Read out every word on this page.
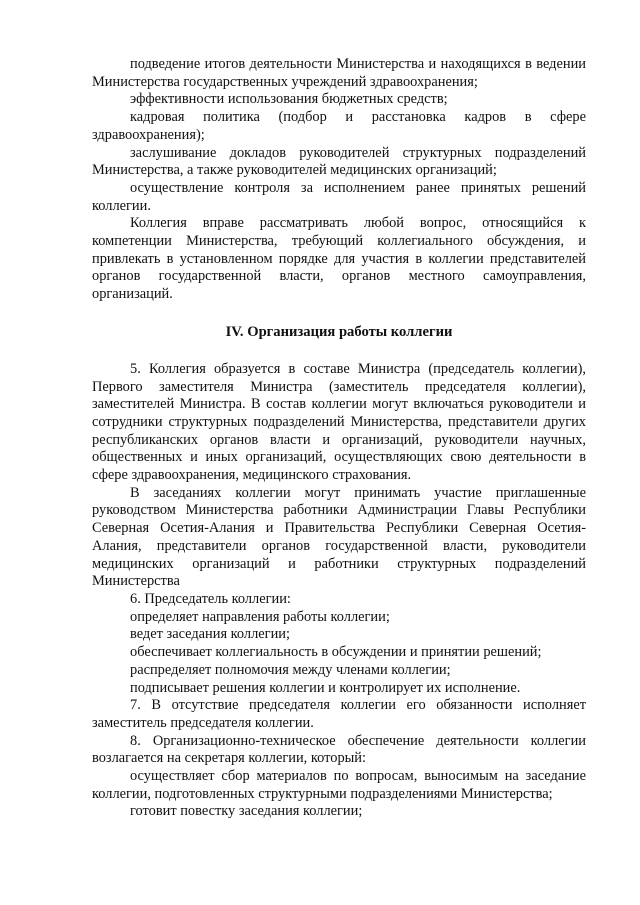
подведение итогов деятельности Министерства и находящихся в ведении Министерства государственных учреждений здравоохранения;

эффективности использования бюджетных средств;

кадровая политика (подбор и расстановка кадров в сфере здравоохранения);

заслушивание докладов руководителей структурных подразделений Министерства, а также руководителей медицинских организаций;

осуществление контроля за исполнением ранее принятых решений коллегии.

Коллегия вправе рассматривать любой вопрос, относящийся к компетенции Министерства, требующий коллегиального обсуждения, и привлекать в установленном порядке для участия в коллегии представителей органов государственной власти, органов местного самоуправления, организаций.

IV. Организация работы коллегии

5. Коллегия образуется в составе Министра (председатель коллегии), Первого заместителя Министра (заместитель председателя коллегии), заместителей Министра. В состав коллегии могут включаться руководители и сотрудники структурных подразделений Министерства, представители других республиканских органов власти и организаций, руководители научных, общественных и иных организаций, осуществляющих свою деятельности в сфере здравоохранения, медицинского страхования.

В заседаниях коллегии могут принимать участие приглашенные руководством Министерства работники Администрации Главы Республики Северная Осетия-Алания и Правительства Республики Северная Осетия-Алания, представители органов государственной власти, руководители медицинских организаций и работники структурных подразделений Министерства

6. Председатель коллегии:

определяет направления работы коллегии;

ведет заседания коллегии;

обеспечивает коллегиальность в обсуждении и принятии решений;

распределяет полномочия между членами коллегии;

подписывает решения коллегии и контролирует их исполнение.

7. В отсутствие председателя коллегии его обязанности исполняет заместитель председателя коллегии.

8. Организационно-техническое обеспечение деятельности коллегии возлагается на секретаря коллегии, который:

осуществляет сбор материалов по вопросам, выносимым на заседание коллегии, подготовленных структурными подразделениями Министерства;

готовит повестку заседания коллегии;
